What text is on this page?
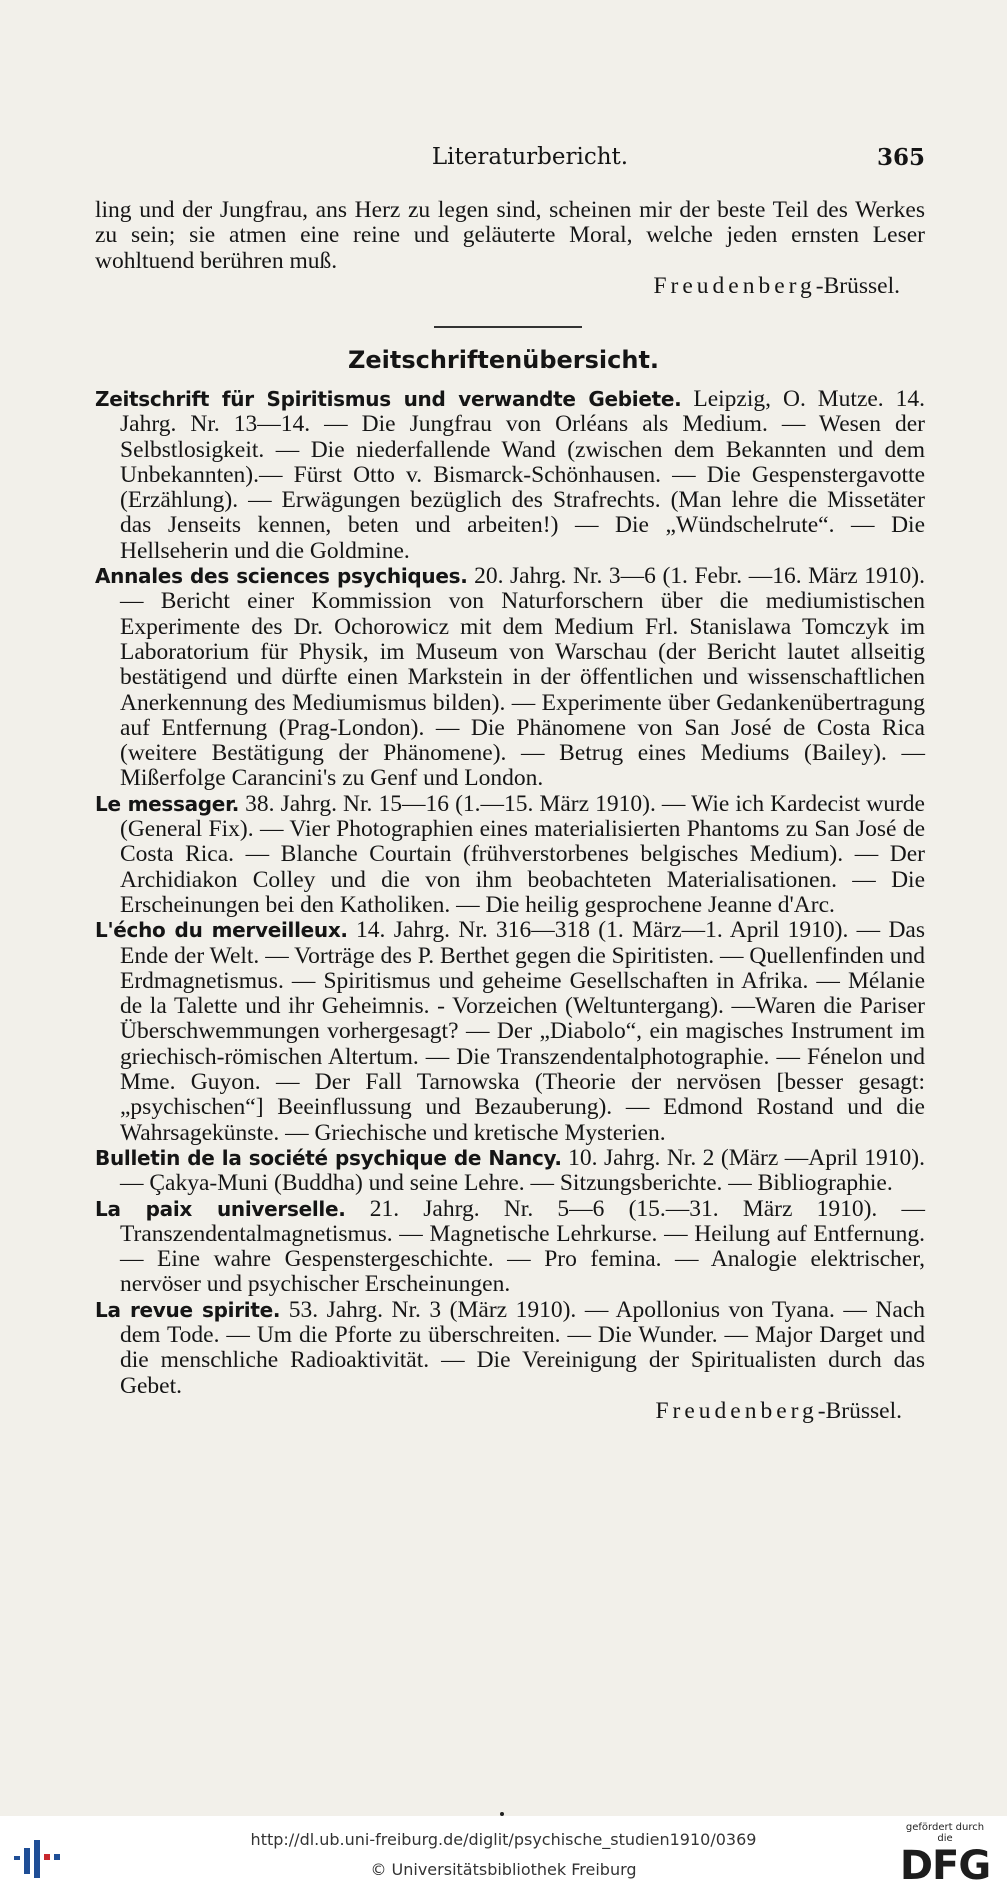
Literaturbericht.	365
ling und der Jungfrau, ans Herz zu legen sind, scheinen mir der beste Teil des Werkes zu sein; sie atmen eine reine und geläuterte Moral, welche jeden ernsten Leser wohltuend berühren muß.
Freudenberg-Brüssel.
Zeitschriftenübersicht.

Zeitschrift für Spiritismus und verwandte Gebiete. Leipzig, O. Mutze. 14. Jahrg. Nr. 13—14. — Die Jungfrau von Orléans als Medium. — Wesen der Selbstlosigkeit. — Die niederfallende Wand (zwischen dem Bekannten und dem Unbekannten).— Fürst Otto v. Bismarck-Schönhausen. — Die Gespenstergavotte (Erzählung). — Erwägungen bezüglich des Strafrechts. (Man lehre die Missetäter das Jenseits kennen, beten und arbeiten!) — Die „Wündschelrute“. — Die Hellseherin und die Goldmine.

Annales des sciences psychiques. 20. Jahrg. Nr. 3—6 (1. Febr. —16. März 1910). — Bericht einer Kommission von Naturforschern über die mediumistischen Experimente des Dr. Ochorowicz mit dem Medium Frl. Stanislawa Tomczyk im Laboratorium für Physik, im Museum von Warschau (der Bericht lautet allseitig bestätigend und dürfte einen Markstein in der öffentlichen und wissenschaftlichen Anerkennung des Mediumismus bilden). — Experimente über Gedankenübertragung auf Entfernung (Prag-London). — Die Phänomene von San José de Costa Rica (weitere Bestätigung der Phänomene). — Betrug eines Mediums (Bailey). — Mißerfolge Carancini's zu Genf und London.

Le messager. 38. Jahrg. Nr. 15—16 (1.—15. März 1910). — Wie ich Kardecist wurde (General Fix). — Vier Photographien eines materialisierten Phantoms zu San José de Costa Rica. — Blanche Courtain (frühverstorbenes belgisches Medium). — Der Archidiakon Colley und die von ihm beobachteten Materialisationen. — Die Erscheinungen bei den Katholiken. — Die heilig gesprochene Jeanne d'Arc.

L'écho du merveilleux. 14. Jahrg. Nr. 316—318 (1. März—1. April 1910). — Das Ende der Welt. — Vorträge des P. Berthet gegen die Spiritisten. — Quellenfinden und Erdmagnetismus. — Spiritismus und geheime Gesellschaften in Afrika. — Mélanie de la Talette und ihr Geheimnis. - Vorzeichen (Weltuntergang). —Waren die Pariser Überschwemmungen vorhergesagt? — Der „Diabolo“, ein magisches Instrument im griechisch-römischen Altertum. — Die Transzendentalphotographie. — Fénelon und Mme. Guyon. — Der Fall Tarnowska (Theorie der nervösen [besser gesagt: „psychischen“] Beeinflussung und Bezauberung). — Edmond Rostand und die Wahrsagekünste. — Griechische und kretische Mysterien.

Bulletin de la société psychique de Nancy. 10. Jahrg. Nr. 2 (März —April 1910). — Çakya-Muni (Buddha) und seine Lehre. — Sitzungsberichte. — Bibliographie.

La paix universelle. 21. Jahrg. Nr. 5—6 (15.—31. März 1910). — Transzendentalmagnetismus. — Magnetische Lehrkurse. — Heilung auf Entfernung. — Eine wahre Gespenstergeschichte. — Pro femina. — Analogie elektrischer, nervöser und psychischer Erscheinungen.

La revue spirite. 53. Jahrg. Nr. 3 (März 1910). — Apollonius von Tyana. — Nach dem Tode. — Um die Pforte zu überschreiten. — Die Wunder. — Major Darget und die menschliche Radioaktivität. — Die Vereinigung der Spiritualisten durch das Gebet.

Freudenberg-Brüssel.
http://dl.ub.uni-freiburg.de/diglit/psychische_studien1910/0369
© Universitätsbibliothek Freiburg
gefördert durch die
DFG
